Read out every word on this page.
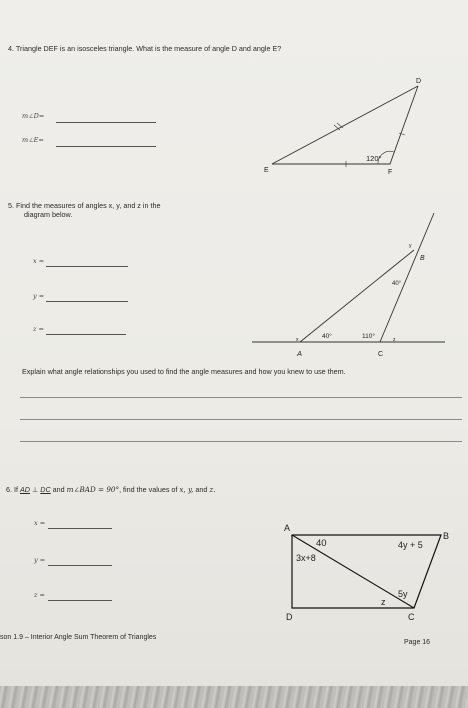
4. Triangle DEF is an isosceles triangle. What is the measure of angle D and angle E?
m∠D=
m∠E=
D
E	F
120°
5. Find the measures of angles x, y, and z in the
diagram below.
x =
y =
z =
B
y
40°
x	40°	110°	z
A	C
Explain what angle relationships you used to find the angle measures and how you knew to use them.
6. If AD ⊥ DC and m∠BAD = 90°, find the values of x, y, and z.
x =
y =
z =
A
B
C
D
40
3x+8
4y + 5
5y
z
son 1.9 – Interior Angle Sum Theorem of Triangles
Page 16
